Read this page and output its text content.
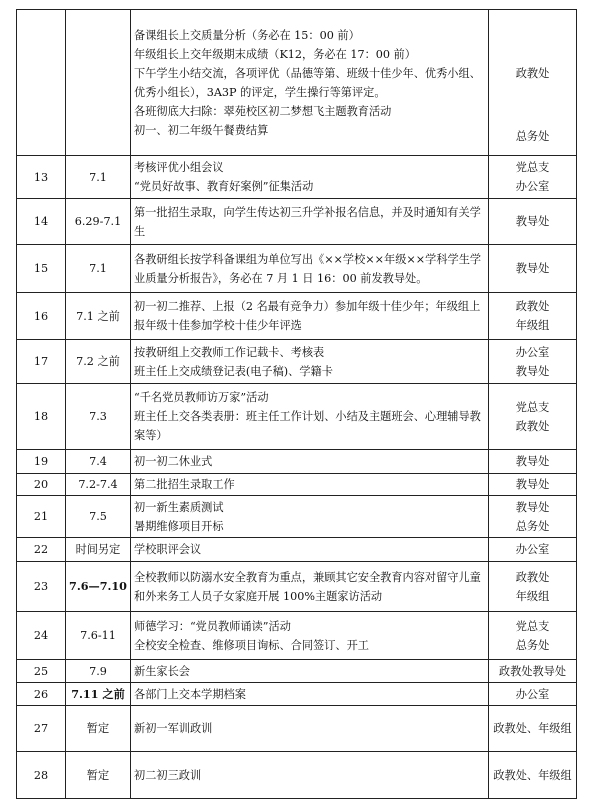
		备课组长上交质量分析（务必在 15：00 前）
年级组长上交年级期末成绩（K12，务必在 17：00 前）
下午学生小结交流，各项评优（品德等第、班级十佳少年、优秀小组、优秀小组长），3A3P 的评定，学生操行等第评定。
各班彻底大扫除：翠苑校区初二梦想飞主题教育活动
初一、初二年级午餐费结算	政教处
总务处

13	7.1	考核评优小组会议
“党员好故事、教育好案例”征集活动	党总支
办公室

14	6.29-7.1	第一批招生录取，向学生传达初三升学补报名信息，并及时通知有关学生	教导处

15	7.1	各教研组长按学科备课组为单位写出《××学校××年级××学科学生学业质量分析报告》，务必在 7 月 1 日 16：00 前发教导处。	教导处

16	7.1 之前	初一初二推荐、上报（2 名最有竞争力）参加年级十佳少年；年级组上报年级十佳参加学校十佳少年评选	政教处
年级组

17	7.2 之前	按教研组上交教师工作记载卡、考核表
班主任上交成绩登记表(电子稿)、学籍卡	办公室
教导处

18	7.3	“千名党员教师访万家”活动
班主任上交各类表册：班主任工作计划、小结及主题班会、心理辅导教案等）	党总支
政教处

19	7.4	初一初二休业式	教导处

20	7.2-7.4	第二批招生录取工作	教导处

21	7.5	初一新生素质测试
暑期维修项目开标	教导处
总务处

22	时间另定	学校职评会议	办公室

23	7.6—7.10	全校教师以防溺水安全教育为重点，兼顾其它安全教育内容对留守儿童和外来务工人员子女家庭开展 100%主题家访活动	政教处
年级组

24	7.6-11	师德学习：“党员教师诵读”活动
全校安全检查、维修项目询标、合同签订、开工	党总支
总务处

25	7.9	新生家长会	政教处教导处

26	7.11 之前	各部门上交本学期档案	办公室

27	暂定	新初一军训政训	政教处、年级组

28	暂定	初二初三政训	政教处、年级组
